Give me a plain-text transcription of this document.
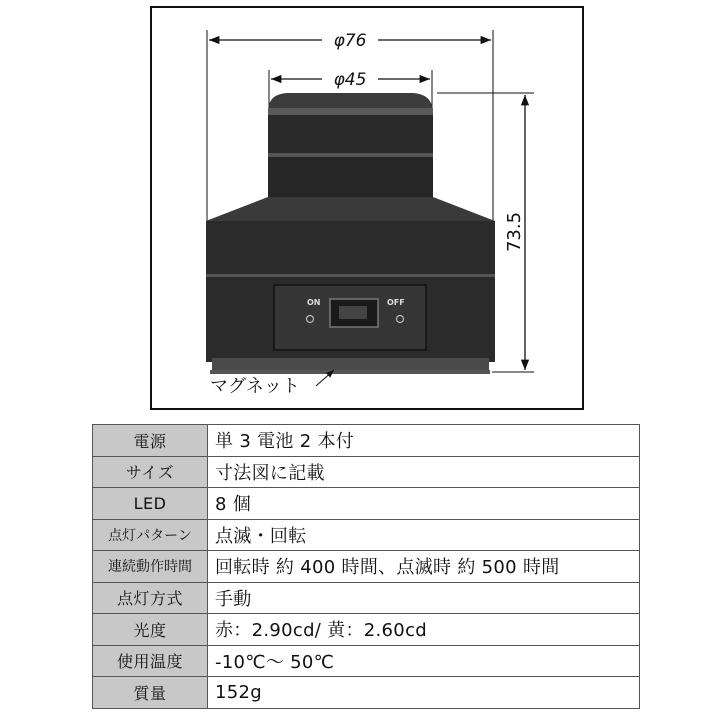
φ76
φ45
73.5
ON	OFF
マグネット
電源	単 3 電池 2 本付
サイズ	寸法図に記載
LED	8 個
点灯パターン	点滅・回転
連続動作時間	回転時 約 400 時間、点滅時 約 500 時間
点灯方式	手動
光度	赤：2.90cd/ 黄：2.60cd
使用温度	-10℃～ 50℃
質量	152g
